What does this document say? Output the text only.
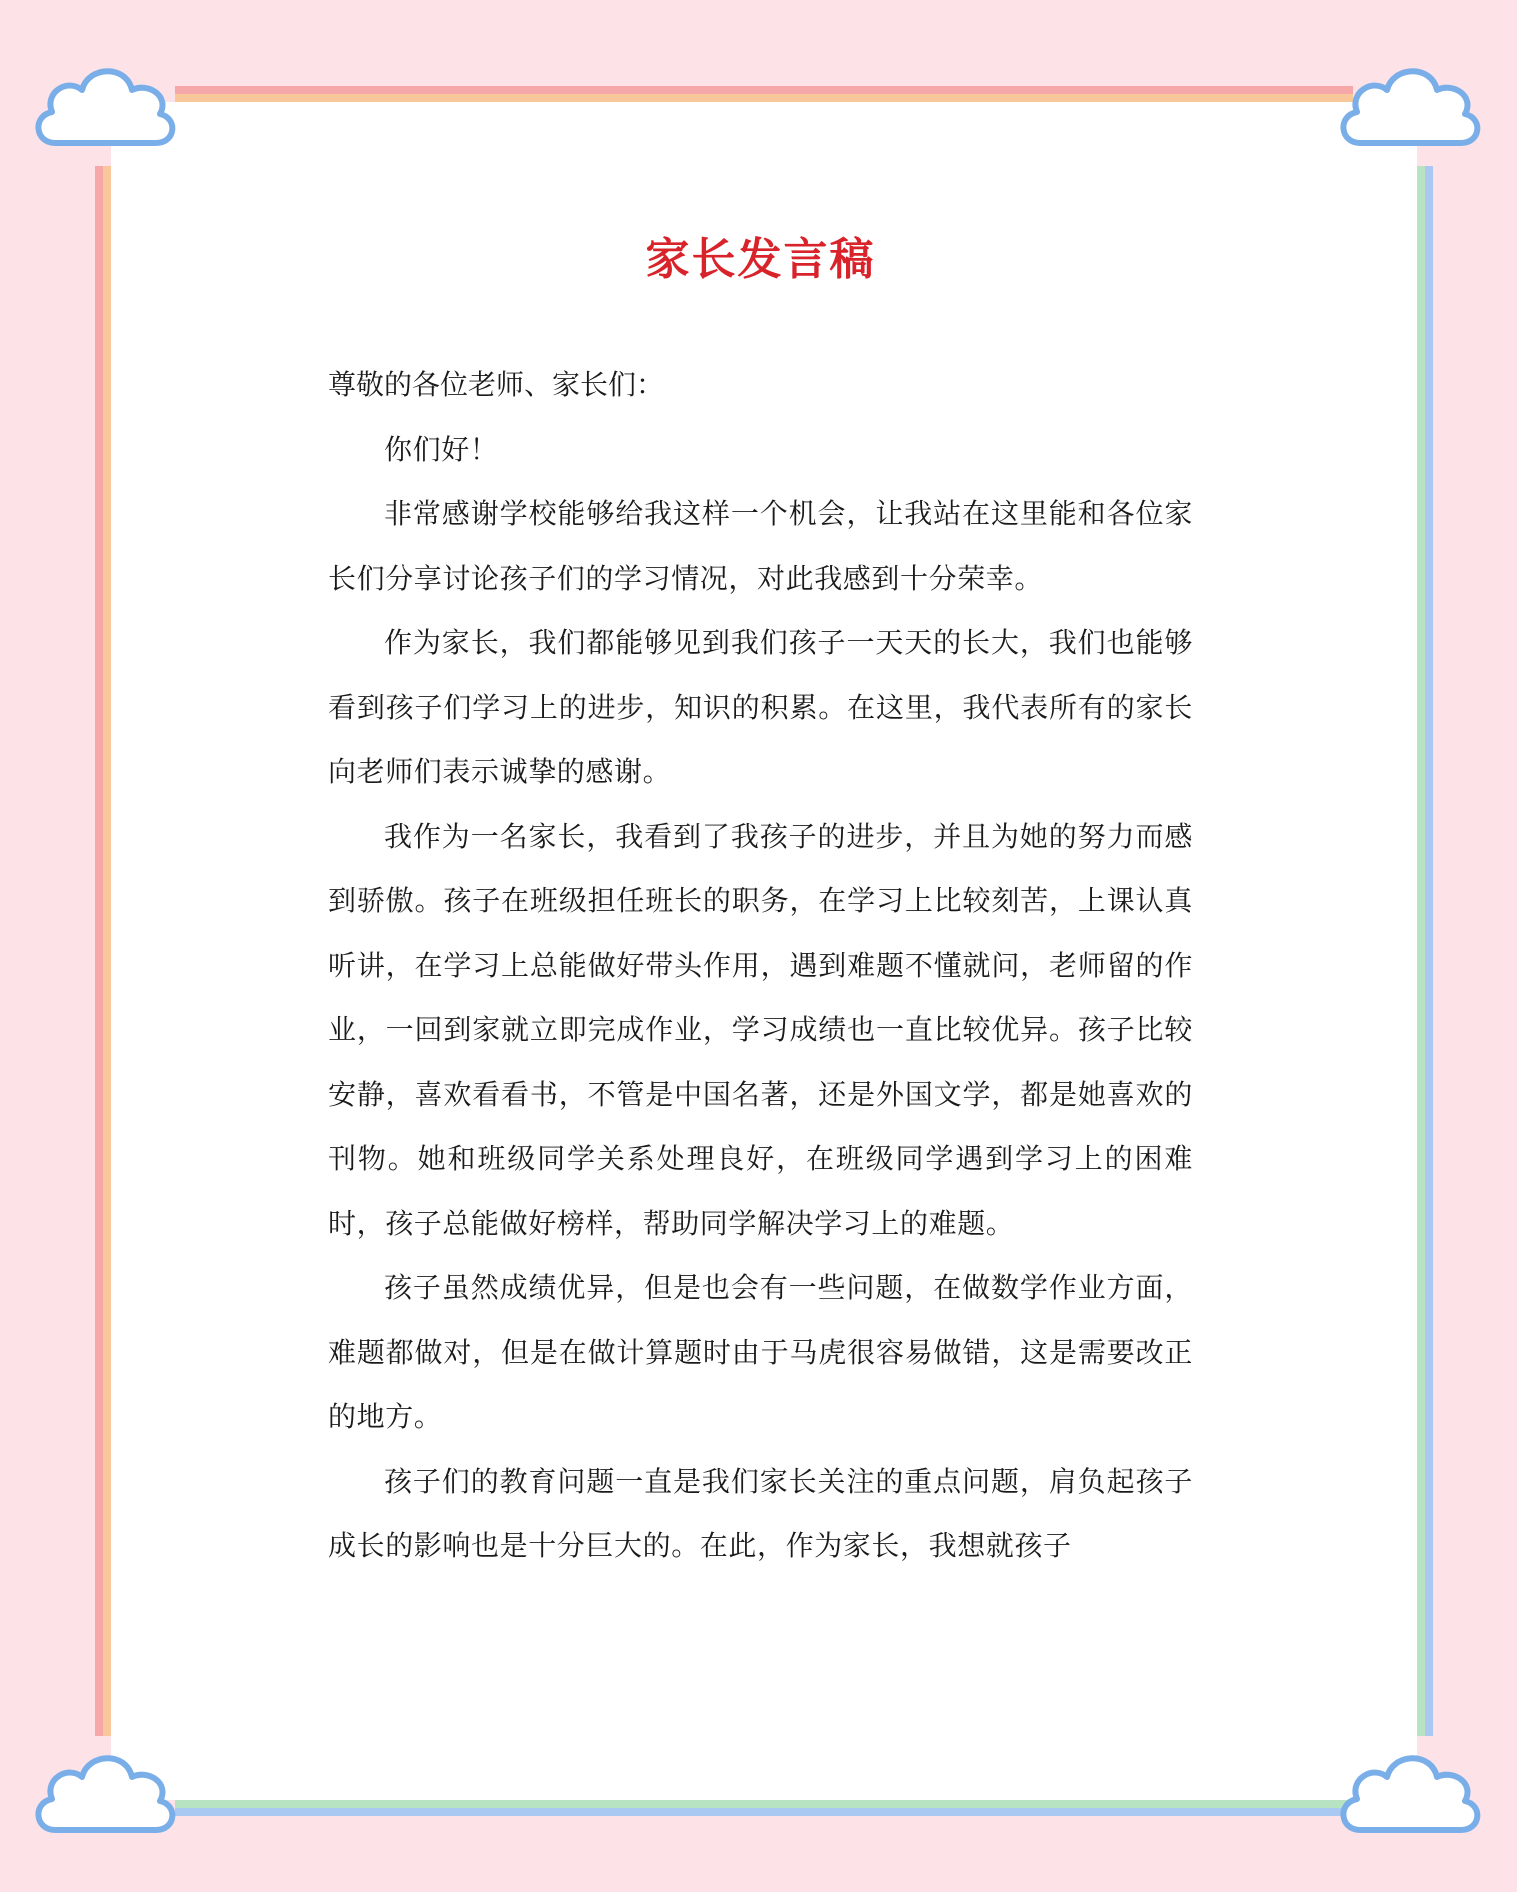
家长发言稿

尊敬的各位老师、家长们：

你们好！

非常感谢学校能够给我这样一个机会，让我站在这里能和各位家长们分享讨论孩子们的学习情况，对此我感到十分荣幸。

作为家长，我们都能够见到我们孩子一天天的长大，我们也能够看到孩子们学习上的进步，知识的积累。在这里，我代表所有的家长向老师们表示诚挚的感谢。

我作为一名家长，我看到了我孩子的进步，并且为她的努力而感到骄傲。孩子在班级担任班长的职务，在学习上比较刻苦，上课认真听讲，在学习上总能做好带头作用，遇到难题不懂就问，老师留的作业，一回到家就立即完成作业，学习成绩也一直比较优异。孩子比较安静，喜欢看看书，不管是中国名著，还是外国文学，都是她喜欢的刊物。她和班级同学关系处理良好，在班级同学遇到学习上的困难时，孩子总能做好榜样，帮助同学解决学习上的难题。

孩子虽然成绩优异，但是也会有一些问题，在做数学作业方面，难题都做对，但是在做计算题时由于马虎很容易做错，这是需要改正的地方。

孩子们的教育问题一直是我们家长关注的重点问题，肩负起孩子成长的影响也是十分巨大的。在此，作为家长，我想就孩子
